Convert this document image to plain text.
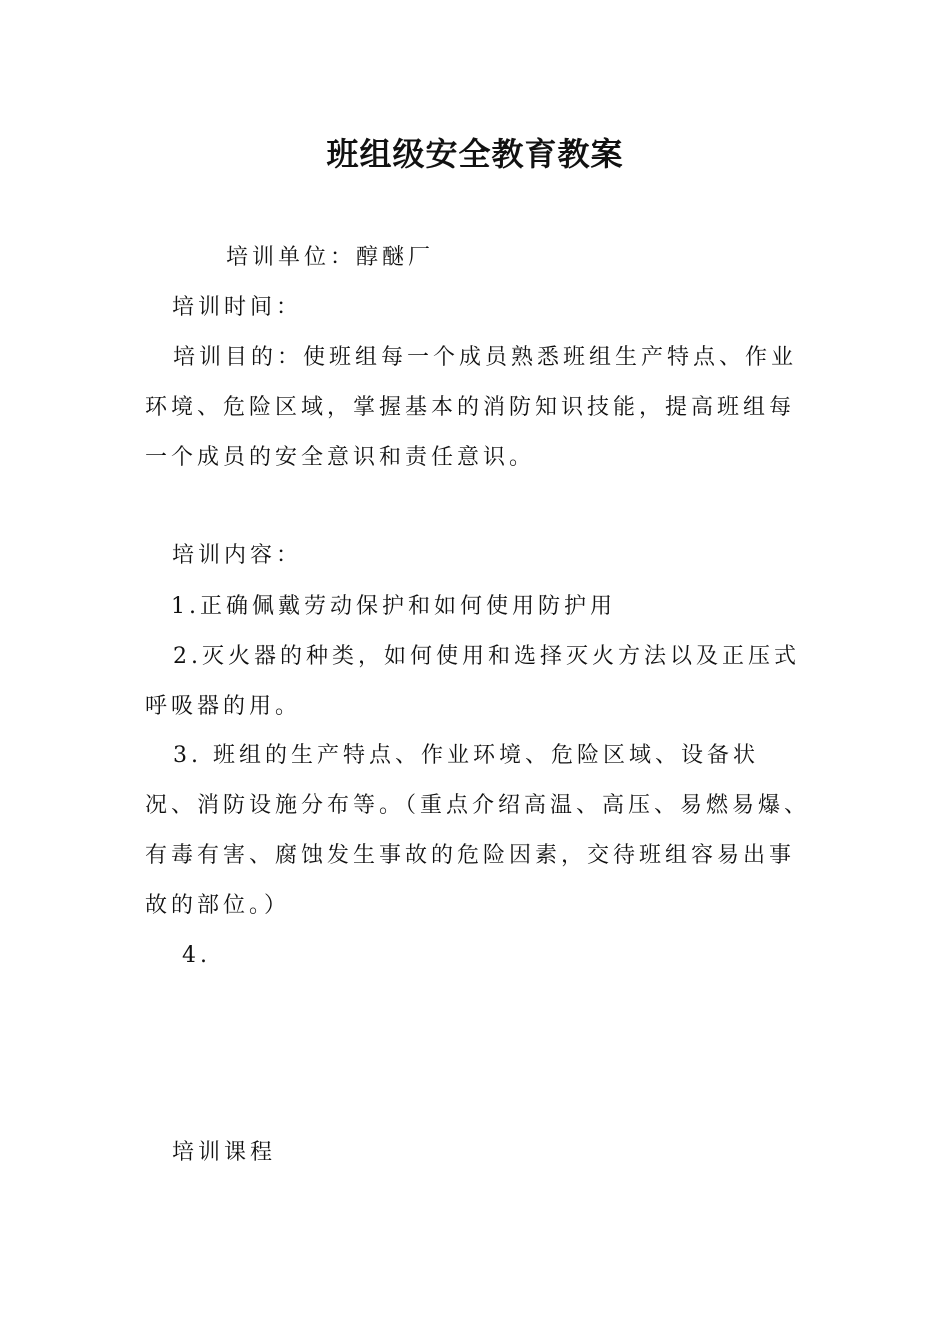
班组级安全教育教案
培训单位：醇醚厂
培训时间：
培训目的：使班组每一个成员熟悉班组生产特点、作业环境、危险区域，掌握基本的消防知识技能，提高班组每一个成员的安全意识和责任意识。
培训内容：
1.正确佩戴劳动保护和如何使用防护用
2.灭火器的种类，如何使用和选择灭火方法以及正压式呼吸器的用。
3. 班组的生产特点、作业环境、危险区域、设备状况、消防设施分布等。（重点介绍高温、高压、易燃易爆、有毒有害、腐蚀发生事故的危险因素，交待班组容易出事故的部位。）
4.
培训课程
